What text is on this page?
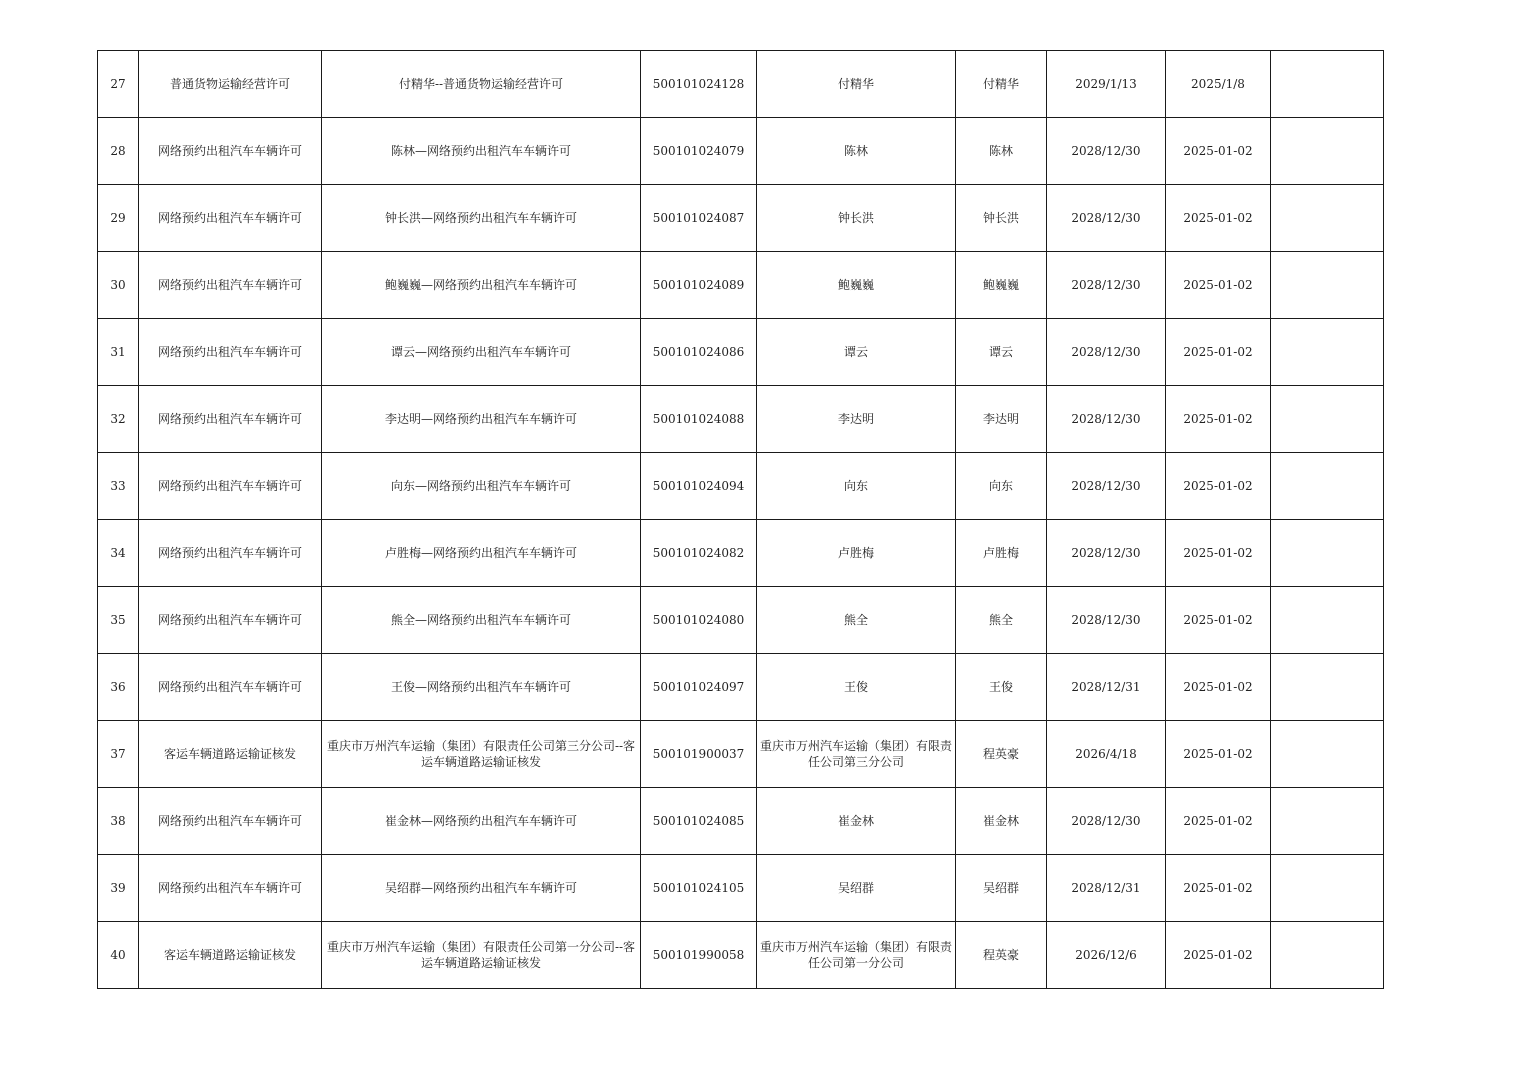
27	普通货物运输经营许可	付精华--普通货物运输经营许可	500101024128	付精华	付精华	2029/1/13	2025/1/8	
28	网络预约出租汽车车辆许可	陈林—网络预约出租汽车车辆许可	500101024079	陈林	陈林	2028/12/30	2025-01-02	
29	网络预约出租汽车车辆许可	钟长洪—网络预约出租汽车车辆许可	500101024087	钟长洪	钟长洪	2028/12/30	2025-01-02	
30	网络预约出租汽车车辆许可	鲍巍巍—网络预约出租汽车车辆许可	500101024089	鲍巍巍	鲍巍巍	2028/12/30	2025-01-02	
31	网络预约出租汽车车辆许可	谭云—网络预约出租汽车车辆许可	500101024086	谭云	谭云	2028/12/30	2025-01-02	
32	网络预约出租汽车车辆许可	李达明—网络预约出租汽车车辆许可	500101024088	李达明	李达明	2028/12/30	2025-01-02	
33	网络预约出租汽车车辆许可	向东—网络预约出租汽车车辆许可	500101024094	向东	向东	2028/12/30	2025-01-02	
34	网络预约出租汽车车辆许可	卢胜梅—网络预约出租汽车车辆许可	500101024082	卢胜梅	卢胜梅	2028/12/30	2025-01-02	
35	网络预约出租汽车车辆许可	熊全—网络预约出租汽车车辆许可	500101024080	熊全	熊全	2028/12/30	2025-01-02	
36	网络预约出租汽车车辆许可	王俊—网络预约出租汽车车辆许可	500101024097	王俊	王俊	2028/12/31	2025-01-02	
37	客运车辆道路运输证核发	重庆市万州汽车运输（集团）有限责任公司第三分公司--客运车辆道路运输证核发	500101900037	重庆市万州汽车运输（集团）有限责任公司第三分公司	程英豪	2026/4/18	2025-01-02	
38	网络预约出租汽车车辆许可	崔金林—网络预约出租汽车车辆许可	500101024085	崔金林	崔金林	2028/12/30	2025-01-02	
39	网络预约出租汽车车辆许可	吴绍群—网络预约出租汽车车辆许可	500101024105	吴绍群	吴绍群	2028/12/31	2025-01-02	
40	客运车辆道路运输证核发	重庆市万州汽车运输（集团）有限责任公司第一分公司--客运车辆道路运输证核发	500101990058	重庆市万州汽车运输（集团）有限责任公司第一分公司	程英豪	2026/12/6	2025-01-02	
